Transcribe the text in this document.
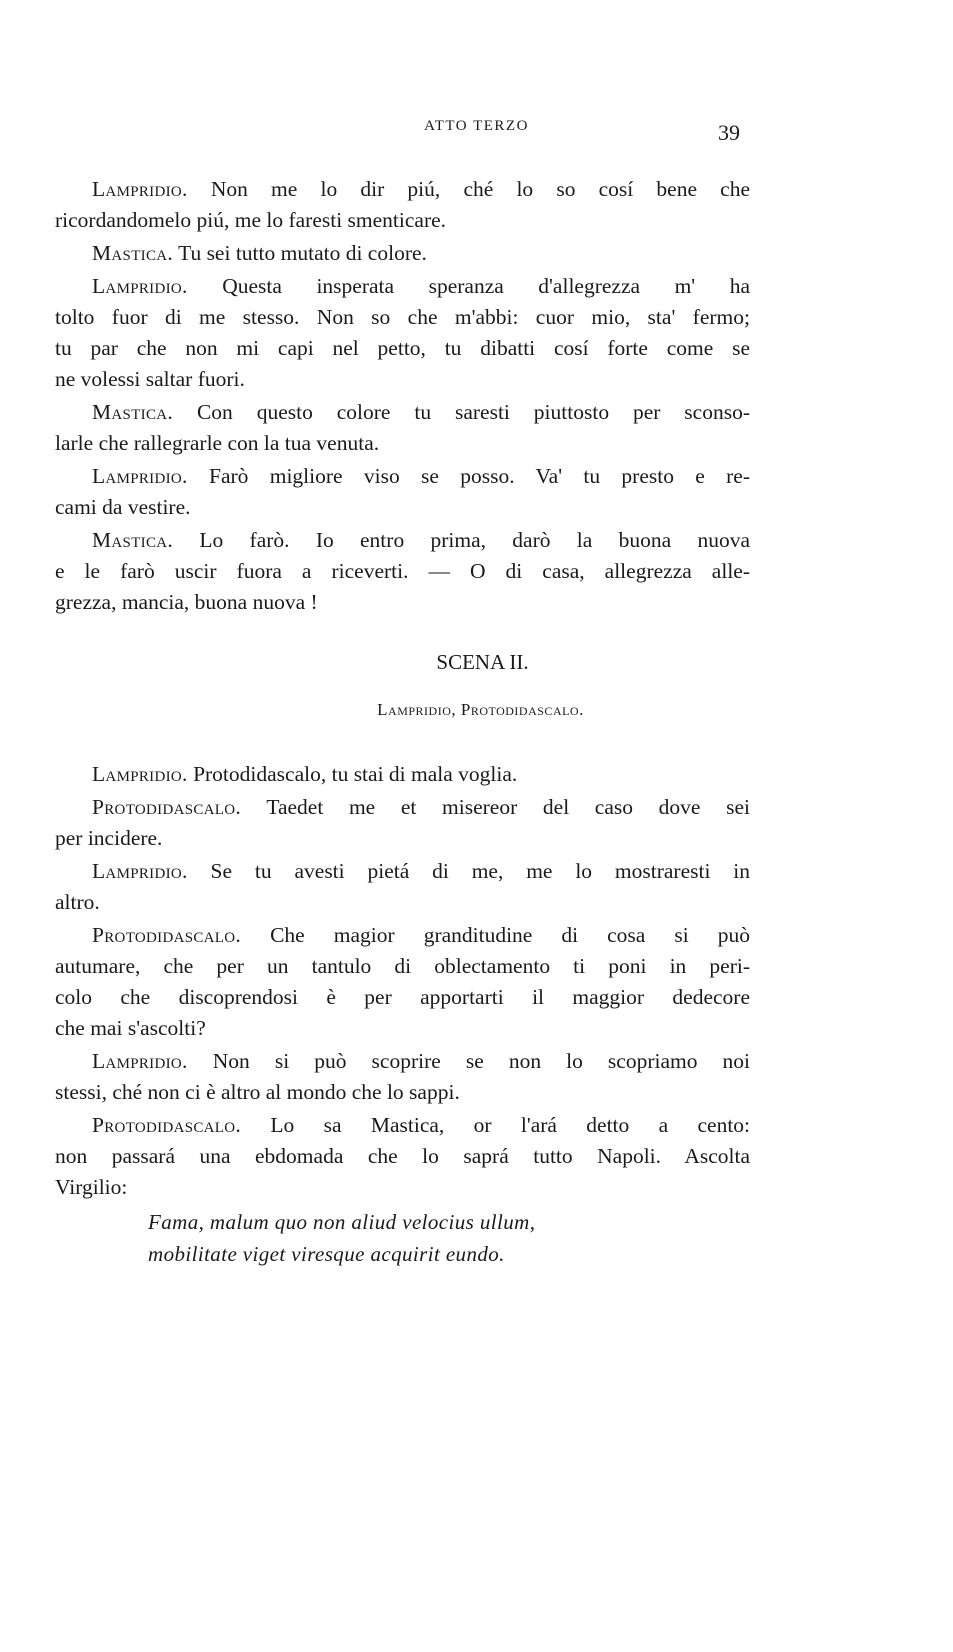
ATTO TERZO	39
Lampridio. Non me lo dir piú, ché lo so cosí bene che
ricordandomelo piú, me lo faresti smenticare.
Mastica. Tu sei tutto mutato di colore.
Lampridio. Questa insperata speranza d'allegrezza m' ha
tolto fuor di me stesso. Non so che m'abbi: cuor mio, sta' fermo;
tu par che non mi capi nel petto, tu dibatti cosí forte come se
ne volessi saltar fuori.
Mastica. Con questo colore tu saresti piuttosto per sconso-
larle che rallegrarle con la tua venuta.
Lampridio. Farò migliore viso se posso. Va' tu presto e re-
cami da vestire.
Mastica. Lo farò. Io entro prima, darò la buona nuova
e le farò uscir fuora a riceverti. — O di casa, allegrezza alle-
grezza, mancia, buona nuova !
SCENA II.
Lampridio, Protodidascalo.
Lampridio. Protodidascalo, tu stai di mala voglia.
Protodidascalo. Taedet me et misereor del caso dove sei
per incidere.
Lampridio. Se tu avesti pietá di me, me lo mostraresti in
altro.
Protodidascalo. Che magior granditudine di cosa si può
autumare, che per un tantulo di oblectamento ti poni in peri-
colo che discoprendosi è per apportarti il maggior dedecore
che mai s'ascolti?
Lampridio. Non si può scoprire se non lo scopriamo noi
stessi, ché non ci è altro al mondo che lo sappi.
Protodidascalo. Lo sa Mastica, or l'ará detto a cento:
non passará una ebdomada che lo saprá tutto Napoli. Ascolta
Virgilio:
Fama, malum quo non aliud velocius ullum,
mobilitate viget viresque acquirit eundo.
